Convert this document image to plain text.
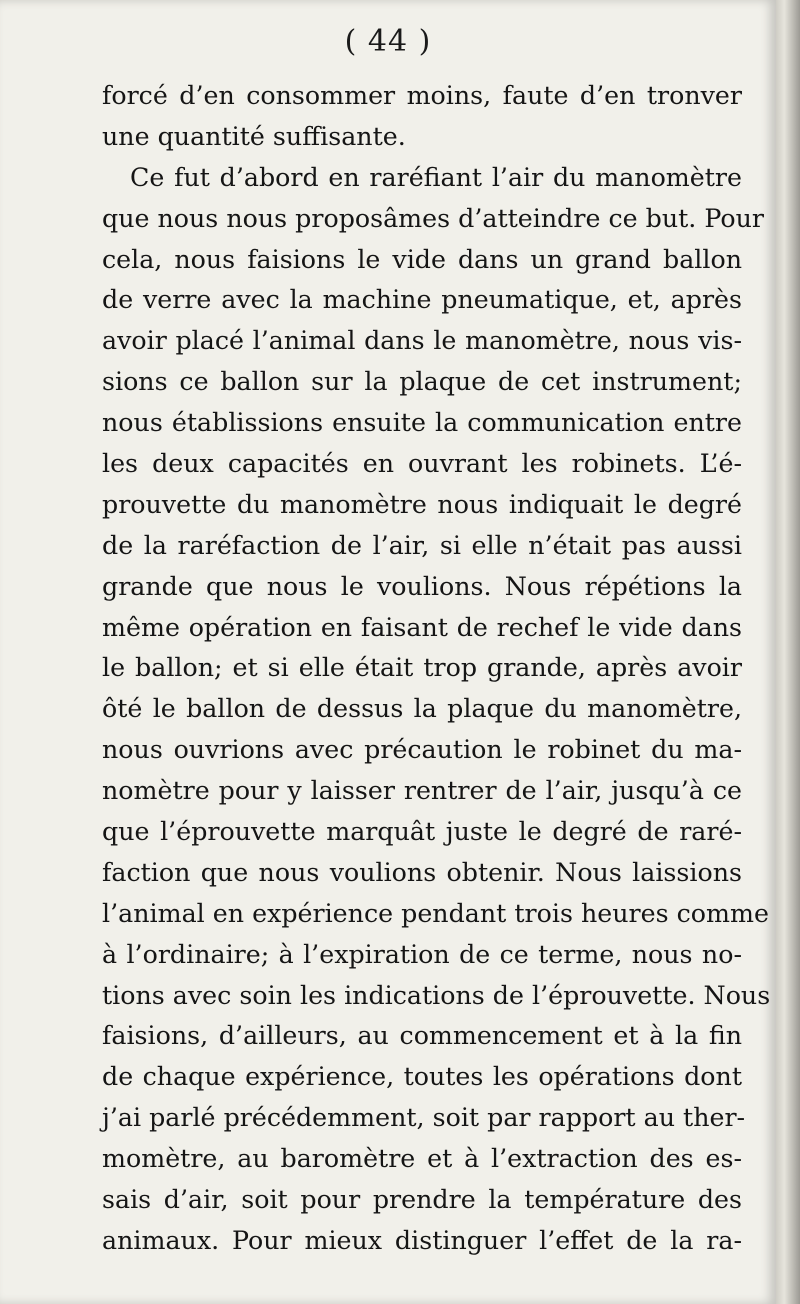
( 44 )
forcé d’en consommer moins, faute d’en tronver
une quantité suffisante.
Ce fut d’abord en raréfiant l’air du manomètre
que nous nous proposâmes d’atteindre ce but. Pour
cela, nous faisions le vide dans un grand ballon
de verre avec la machine pneumatique, et, après
avoir placé l’animal dans le manomètre, nous vis-
sions ce ballon sur la plaque de cet instrument;
nous établissions ensuite la communication entre
les deux capacités en ouvrant les robinets. L’é-
prouvette du manomètre nous indiquait le degré
de la raréfaction de l’air, si elle n’était pas aussi
grande que nous le voulions. Nous répétions la
même opération en faisant de rechef le vide dans
le ballon; et si elle était trop grande, après avoir
ôté le ballon de dessus la plaque du manomètre,
nous ouvrions avec précaution le robinet du ma-
nomètre pour y laisser rentrer de l’air, jusqu’à ce
que l’éprouvette marquât juste le degré de raré-
faction que nous voulions obtenir. Nous laissions
l’animal en expérience pendant trois heures comme
à l’ordinaire; à l’expiration de ce terme, nous no-
tions avec soin les indications de l’éprouvette. Nous
faisions, d’ailleurs, au commencement et à la fin
de chaque expérience, toutes les opérations dont
j’ai parlé précédemment, soit par rapport au ther-
momètre, au baromètre et à l’extraction des es-
sais d’air, soit pour prendre la température des
animaux. Pour mieux distinguer l’effet de la ra-
